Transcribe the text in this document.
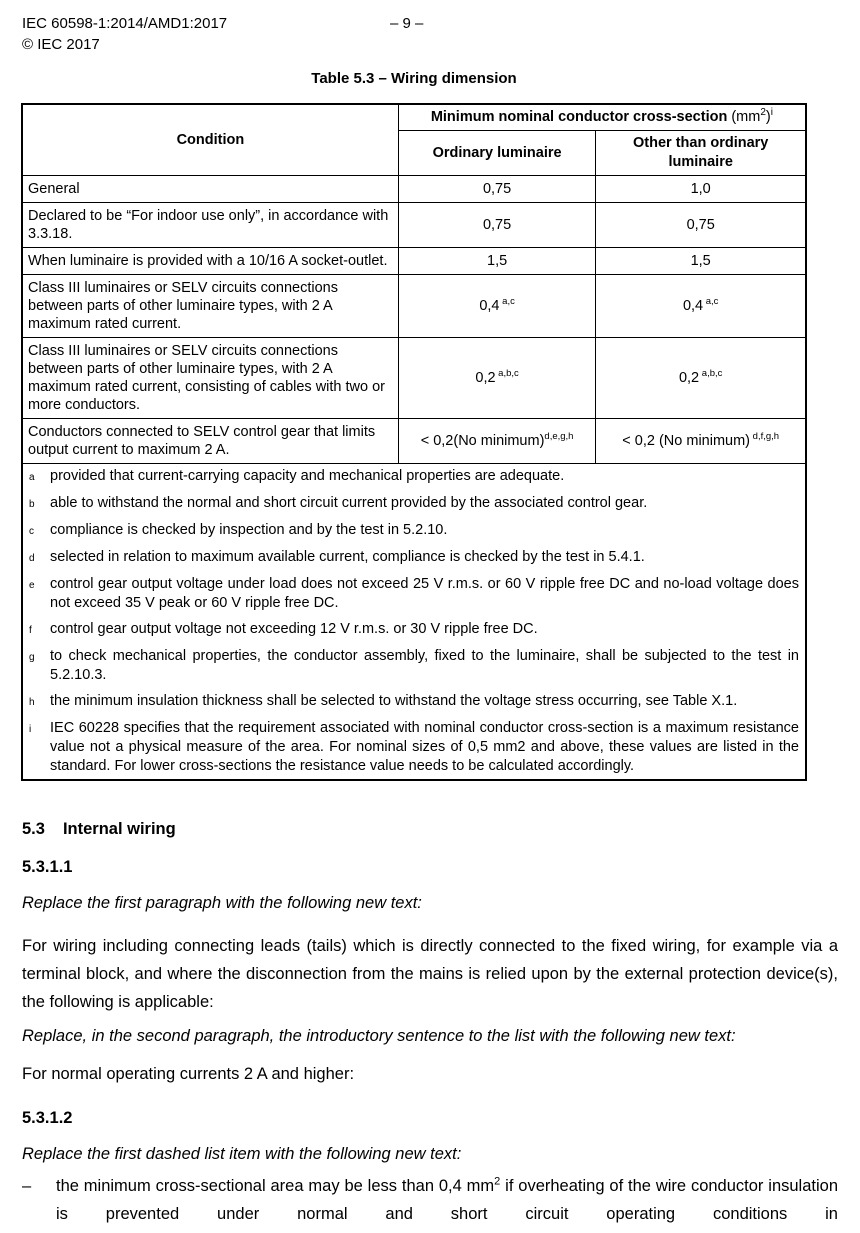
IEC 60598-1:2014/AMD1:2017
© IEC 2017
– 9 –
Table 5.3 – Wiring dimension
Condition	Minimum nominal conductor cross-section $(mm^2)^i$
	Ordinary luminaire	Other than ordinary luminaire
General	0,75	1,0
Declared to be “For indoor use only”, in accordance with 3.3.18.	0,75	0,75
When luminaire is provided with a 10/16 A socket-outlet.	1,5	1,5
Class III luminaires or SELV circuits connections between parts of other luminaire types, with 2 A maximum rated current.	0,4 $^{a,c}$	0,4 $^{a,c}$
Class III luminaires or SELV circuits connections between parts of other luminaire types, with 2 A maximum rated current, consisting of cables with two or more conductors.	0,2 $^{a,b,c}$	0,2 $^{a,b,c}$
Conductors connected to SELV control gear that limits output current to maximum 2 A.	< 0,2(No minimum)$^{d,e,g,h}$	< 0,2 (No minimum) $^{d,f,g,h}$

a	provided that current-carrying capacity and mechanical properties are adequate.
b	able to withstand the normal and short circuit current provided by the associated control gear.
c	compliance is checked by inspection and by the test in 5.2.10.
d	selected in relation to maximum available current, compliance is checked by the test in 5.4.1.
e	control gear output voltage under load does not exceed 25 V r.m.s. or 60 V ripple free DC and no-load voltage does not exceed 35 V peak or 60 V ripple free DC.
f	control gear output voltage not exceeding 12 V r.m.s. or 30 V ripple free DC.
g	to check mechanical properties, the conductor assembly, fixed to the luminaire, shall be subjected to the test in 5.2.10.3.
h	the minimum insulation thickness shall be selected to withstand the voltage stress occurring, see Table X.1.
i	IEC 60228 specifies that the requirement associated with nominal conductor cross-section is a maximum resistance value not a physical measure of the area. For nominal sizes of 0,5 mm2 and above, these values are listed in the standard. For lower cross-sections the resistance value needs to be calculated accordingly.
5.3 Internal wiring
5.3.1.1
Replace the first paragraph with the following new text:
For wiring including connecting leads (tails) which is directly connected to the fixed wiring, for example via a terminal block, and where the disconnection from the mains is relied upon by the external protection device(s), the following is applicable:
Replace, in the second paragraph, the introductory sentence to the list with the following new text:
For normal operating currents 2 A and higher:
5.3.1.2
Replace the first dashed list item with the following new text:
–	the minimum cross-sectional area may be less than 0,4 $mm^2$ if overheating of the wire conductor insulation is prevented under normal and short circuit operating conditions in
